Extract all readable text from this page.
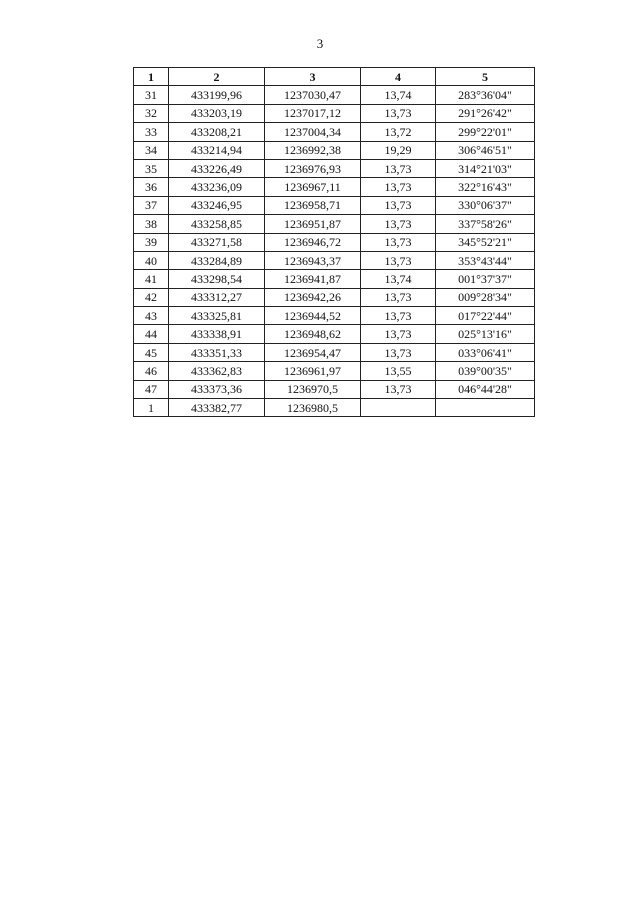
3
1	2	3	4	5
31	433199,96	1237030,47	13,74	283°36'04"
32	433203,19	1237017,12	13,73	291°26'42"
33	433208,21	1237004,34	13,72	299°22'01"
34	433214,94	1236992,38	19,29	306°46'51"
35	433226,49	1236976,93	13,73	314°21'03"
36	433236,09	1236967,11	13,73	322°16'43"
37	433246,95	1236958,71	13,73	330°06'37"
38	433258,85	1236951,87	13,73	337°58'26"
39	433271,58	1236946,72	13,73	345°52'21"
40	433284,89	1236943,37	13,73	353°43'44"
41	433298,54	1236941,87	13,74	001°37'37"
42	433312,27	1236942,26	13,73	009°28'34"
43	433325,81	1236944,52	13,73	017°22'44"
44	433338,91	1236948,62	13,73	025°13'16"
45	433351,33	1236954,47	13,73	033°06'41"
46	433362,83	1236961,97	13,55	039°00'35"
47	433373,36	1236970,5	13,73	046°44'28"
1	433382,77	1236980,5		
